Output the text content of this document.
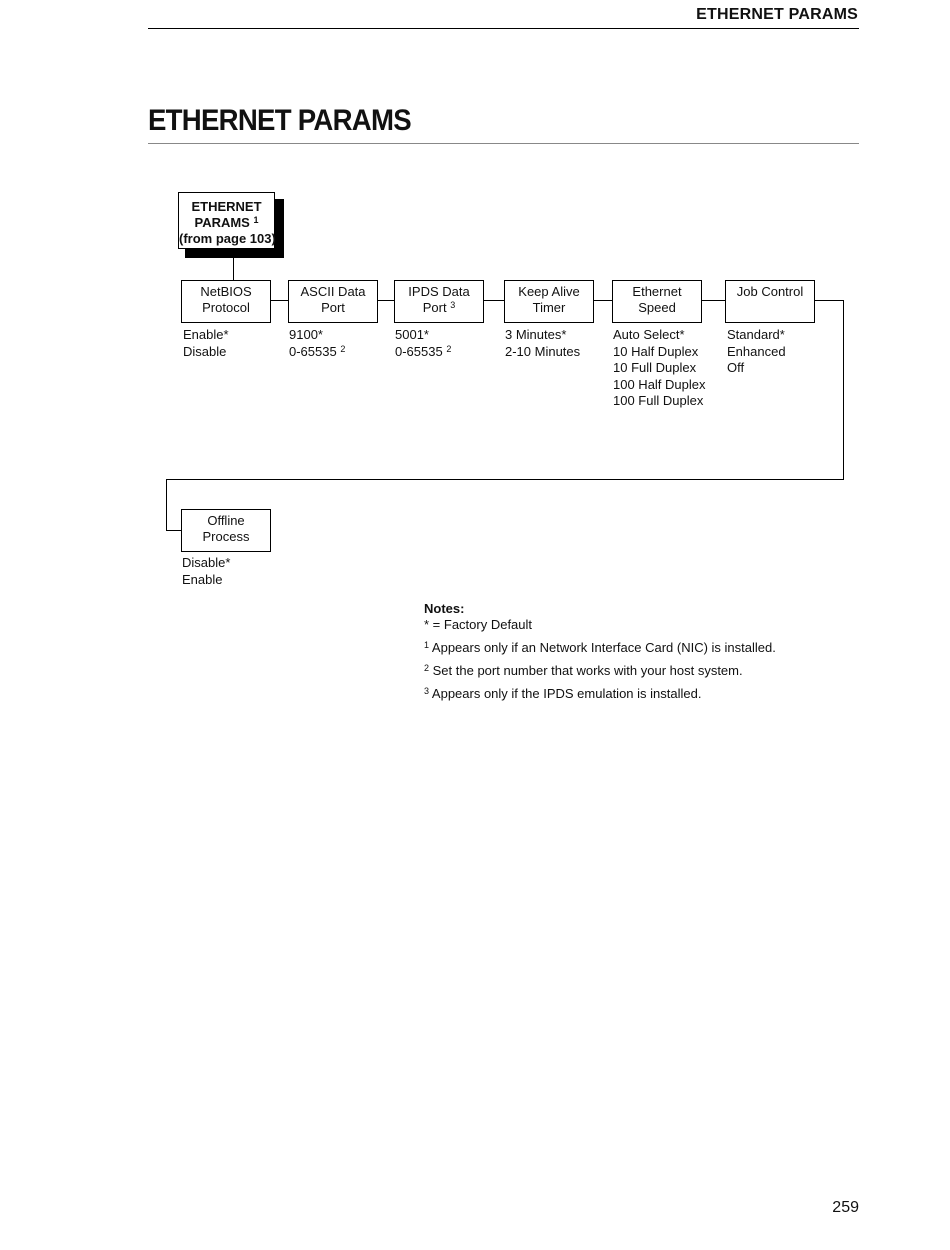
ETHERNET PARAMS
ETHERNET PARAMS
ETHERNET
PARAMS $^1$
(from page 103)
NetBIOS
Protocol
Enable*
Disable
ASCII Data
Port
9100*
0-65535 $^2$
IPDS Data
Port $^3$
5001*
0-65535 $^2$
Keep Alive
Timer
3 Minutes*
2-10 Minutes
Ethernet
Speed
Auto Select*
10 Half Duplex
10 Full Duplex
100 Half Duplex
100 Full Duplex
Job Control
Standard*
Enhanced
Off
Offline
Process
Disable*
Enable
Notes:
* = Factory Default
$^1$ Appears only if an Network Interface Card (NIC) is installed.
$^2$ Set the port number that works with your host system.
$^3$ Appears only if the IPDS emulation is installed.
259
